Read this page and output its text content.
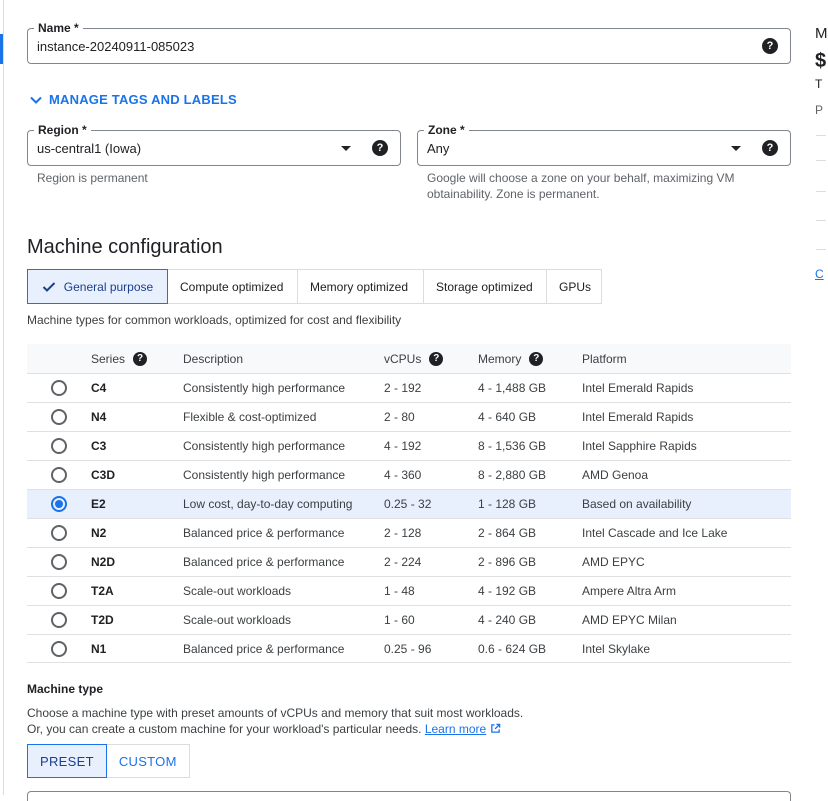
Name *
instance-20240911-085023	?
MANAGE TAGS AND LABELS
Region *
us-central1 (Iowa)	?
Region is permanent
Zone *
Any	?
Google will choose a zone on your behalf, maximizing VM
obtainability. Zone is permanent.
Machine configuration
General purpose Compute optimized Memory optimized Storage optimized GPUs
Machine types for common workloads, optimized for cost and flexibility
Series	?	Description	vCPUs	?	Memory	?	Platform
C4	Consistently high performance	2 - 192	4 - 1,488 GB	Intel Emerald Rapids
N4	Flexible & cost-optimized	2 - 80	4 - 640 GB	Intel Emerald Rapids
C3	Consistently high performance	4 - 192	8 - 1,536 GB	Intel Sapphire Rapids
C3D	Consistently high performance	4 - 360	8 - 2,880 GB	AMD Genoa
E2	Low cost, day-to-day computing	0.25 - 32	1 - 128 GB	Based on availability
N2	Balanced price & performance	2 - 128	2 - 864 GB	Intel Cascade and Ice Lake
N2D	Balanced price & performance	2 - 224	2 - 896 GB	AMD EPYC
T2A	Scale-out workloads	1 - 48	4 - 192 GB	Ampere Altra Arm
T2D	Scale-out workloads	1 - 60	4 - 240 GB	AMD EPYC Milan
N1	Balanced price & performance	0.25 - 96	0.6 - 624 GB	Intel Skylake
Machine type
Choose a machine type with preset amounts of vCPUs and memory that suit most workloads.
Or, you can create a custom machine for your workload's particular needs. Learn more
PRESET	CUSTOM
M
$
T
P
C
